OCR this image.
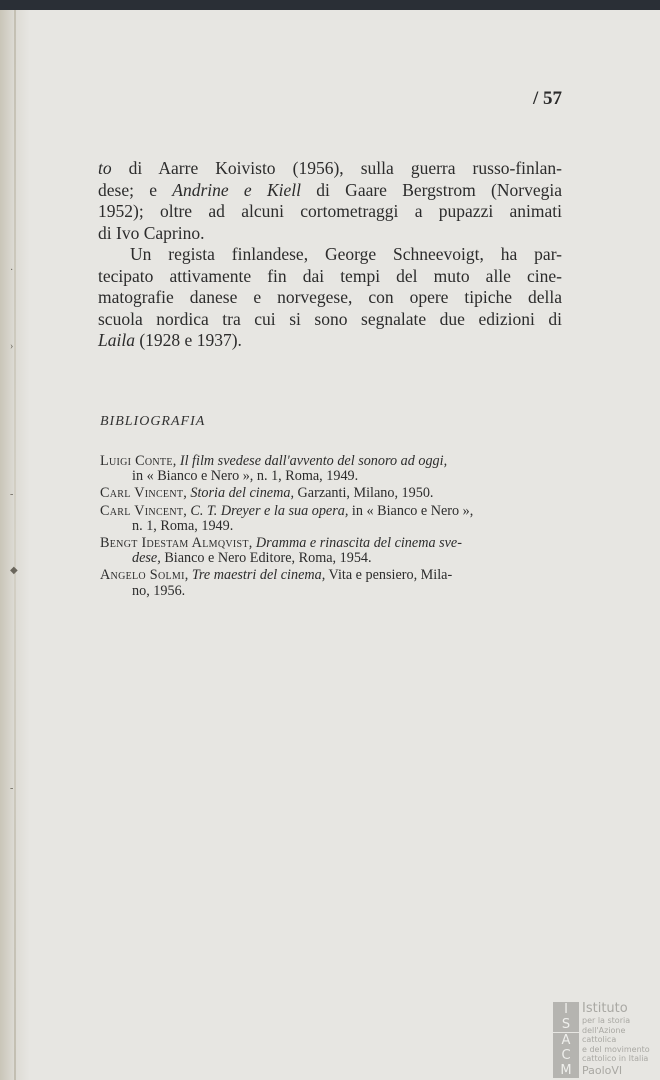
·
›
‐
◆
‐
/ 57

to di Aarre Koivisto (1956), sulla guerra russo-finlan-
dese; e Andrine e Kiell di Gaare Bergstrom (Norvegia
1952); oltre ad alcuni cortometraggi a pupazzi animati
di Ivo Caprino.

Un regista finlandese, George Schneevoigt, ha par-
tecipato attivamente fin dai tempi del muto alle cine-
matografie danese e norvegese, con opere tipiche della
scuola nordica tra cui si sono segnalate due edizioni di
Laila (1928 e 1937).

BIBLIOGRAFIA
Luigi Conte, Il film svedese dall'avvento del sonoro ad oggi,
in « Bianco e Nero », n. 1, Roma, 1949.
Carl Vincent, Storia del cinema, Garzanti, Milano, 1950.
Carl Vincent, C. T. Dreyer e la sua opera, in « Bianco e Nero »,
n. 1, Roma, 1949.
Bengt Idestam Almqvist, Dramma e rinascita del cinema sve-
dese, Bianco e Nero Editore, Roma, 1954.
Angelo Solmi, Tre maestri del cinema, Vita e pensiero, Mila-
no, 1956.
I
S
A
C
M
Istituto
per la storia
dell'Azione cattolica
e del movimento
cattolico in Italia
PaoloVI
